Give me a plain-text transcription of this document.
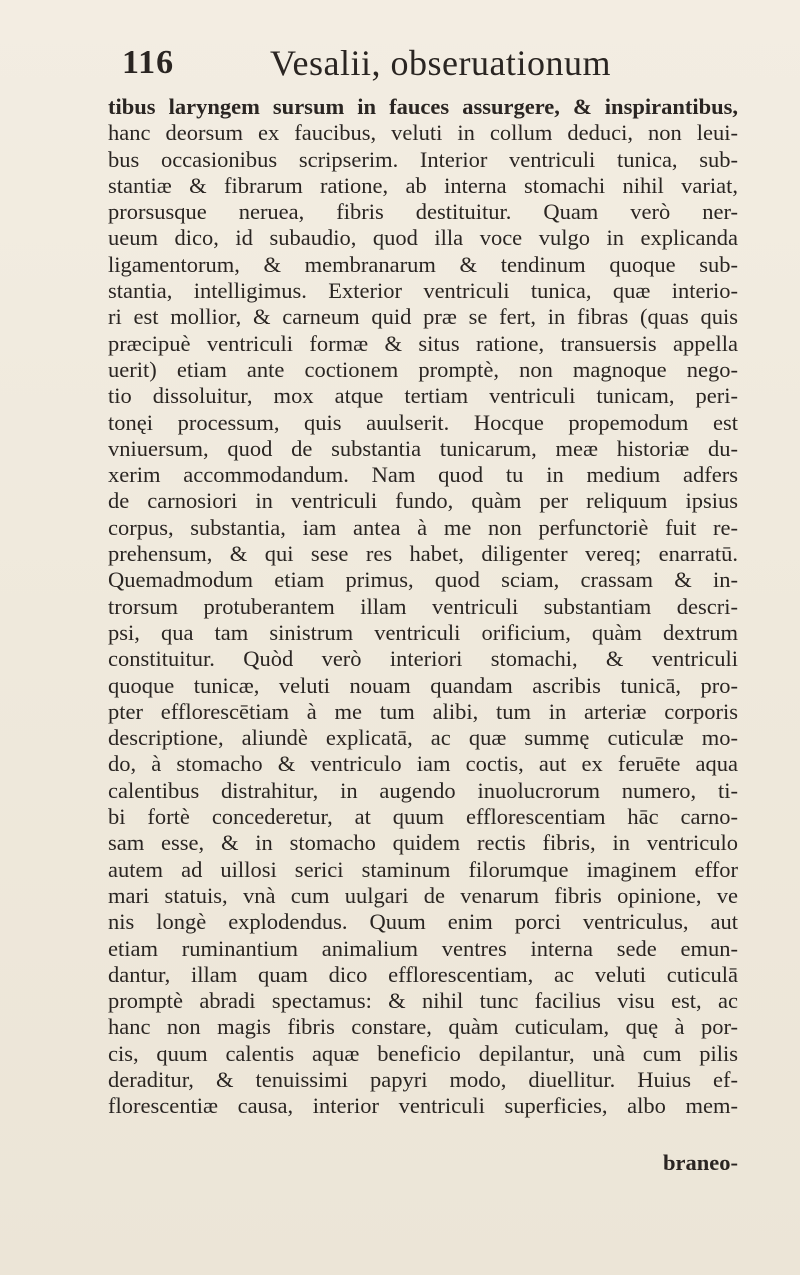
116	Vesalii, obseruationum
tibus laryngem sursum in fauces assurgere, & inspirantibus,
hanc deorsum ex faucibus, veluti in collum deduci, non leui-
bus occasionibus scripserim. Interior ventriculi tunica, sub-
stantiæ & fibrarum ratione, ab interna stomachi nihil variat,
prorsusque neruea, fibris destituitur. Quam verò ner-
ueum dico, id subaudio, quod illa voce vulgo in explicanda
ligamentorum, & membranarum & tendinum quoque sub-
stantia, intelligimus. Exterior ventriculi tunica, quæ interio-
ri est mollior, & carneum quid præ se fert, in fibras (quas quis
præcipuè ventriculi formæ & situs ratione, transuersis appella
uerit) etiam ante coctionem promptè, non magnoque nego-
tio dissoluitur, mox atque tertiam ventriculi tunicam, peri-
tonęi processum, quis auulserit. Hocque propemodum est
vniuersum, quod de substantia tunicarum, meæ historiæ du-
xerim accommodandum. Nam quod tu in medium adfers
de carnosiori in ventriculi fundo, quàm per reliquum ipsius
corpus, substantia, iam antea à me non perfunctoriè fuit re-
prehensum, & qui sese res habet, diligenter vereq; enarratū.
Quemadmodum etiam primus, quod sciam, crassam & in-
trorsum protuberantem illam ventriculi substantiam descri-
psi, qua tam sinistrum ventriculi orificium, quàm dextrum
constituitur. Quòd verò interiori stomachi, & ventriculi
quoque tunicæ, veluti nouam quandam ascribis tunicā, pro-
pter efflorescētiam à me tum alibi, tum in arteriæ corporis
descriptione, aliundè explicatā, ac quæ summę cuticulæ mo-
do, à stomacho & ventriculo iam coctis, aut ex feruēte aqua
calentibus distrahitur, in augendo inuolucrorum numero, ti-
bi fortè concederetur, at quum efflorescentiam hāc carno-
sam esse, & in stomacho quidem rectis fibris, in ventriculo
autem ad uillosi serici staminum filorumque imaginem effor
mari statuis, vnà cum uulgari de venarum fibris opinione, ve
nis longè explodendus. Quum enim porci ventriculus, aut
etiam ruminantium animalium ventres interna sede emun-
dantur, illam quam dico efflorescentiam, ac veluti cuticulā
promptè abradi spectamus: & nihil tunc facilius visu est, ac
hanc non magis fibris constare, quàm cuticulam, quę à por-
cis, quum calentis aquæ beneficio depilantur, unà cum pilis
deraditur, & tenuissimi papyri modo, diuellitur. Huius ef-
florescentiæ causa, interior ventriculi superficies, albo mem-
braneo-
